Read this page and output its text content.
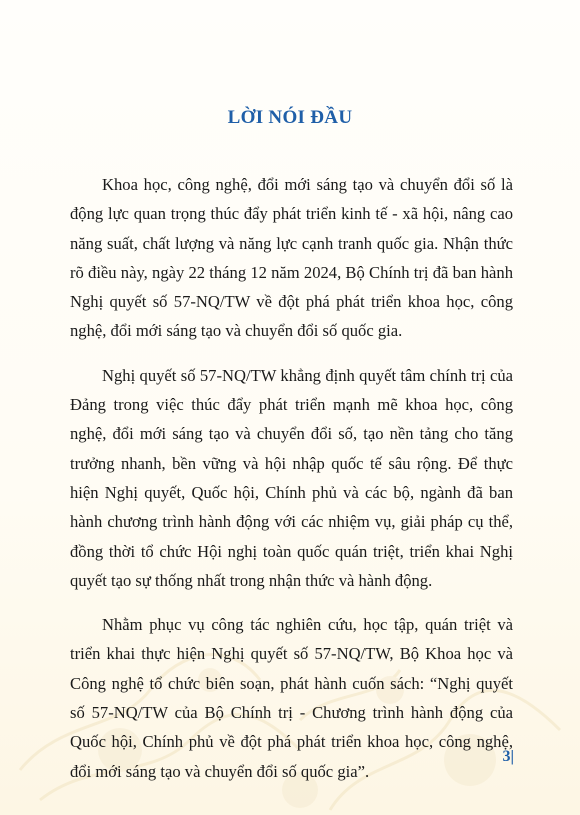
LỜI NÓI ĐẦU

Khoa học, công nghệ, đổi mới sáng tạo và chuyển đổi số là động lực quan trọng thúc đẩy phát triển kinh tế - xã hội, nâng cao năng suất, chất lượng và năng lực cạnh tranh quốc gia. Nhận thức rõ điều này, ngày 22 tháng 12 năm 2024, Bộ Chính trị đã ban hành Nghị quyết số 57-NQ/TW về đột phá phát triển khoa học, công nghệ, đổi mới sáng tạo và chuyển đổi số quốc gia.

Nghị quyết số 57-NQ/TW khẳng định quyết tâm chính trị của Đảng trong việc thúc đẩy phát triển mạnh mẽ khoa học, công nghệ, đổi mới sáng tạo và chuyển đổi số, tạo nền tảng cho tăng trưởng nhanh, bền vững và hội nhập quốc tế sâu rộng. Để thực hiện Nghị quyết, Quốc hội, Chính phủ và các bộ, ngành đã ban hành chương trình hành động với các nhiệm vụ, giải pháp cụ thể, đồng thời tổ chức Hội nghị toàn quốc quán triệt, triển khai Nghị quyết tạo sự thống nhất trong nhận thức và hành động.

Nhằm phục vụ công tác nghiên cứu, học tập, quán triệt và triển khai thực hiện Nghị quyết số 57-NQ/TW, Bộ Khoa học và Công nghệ tổ chức biên soạn, phát hành cuốn sách: “Nghị quyết số 57-NQ/TW của Bộ Chính trị - Chương trình hành động của Quốc hội, Chính phủ về đột phá phát triển khoa học, công nghệ, đổi mới sáng tạo và chuyển đổi số quốc gia”.

3|
